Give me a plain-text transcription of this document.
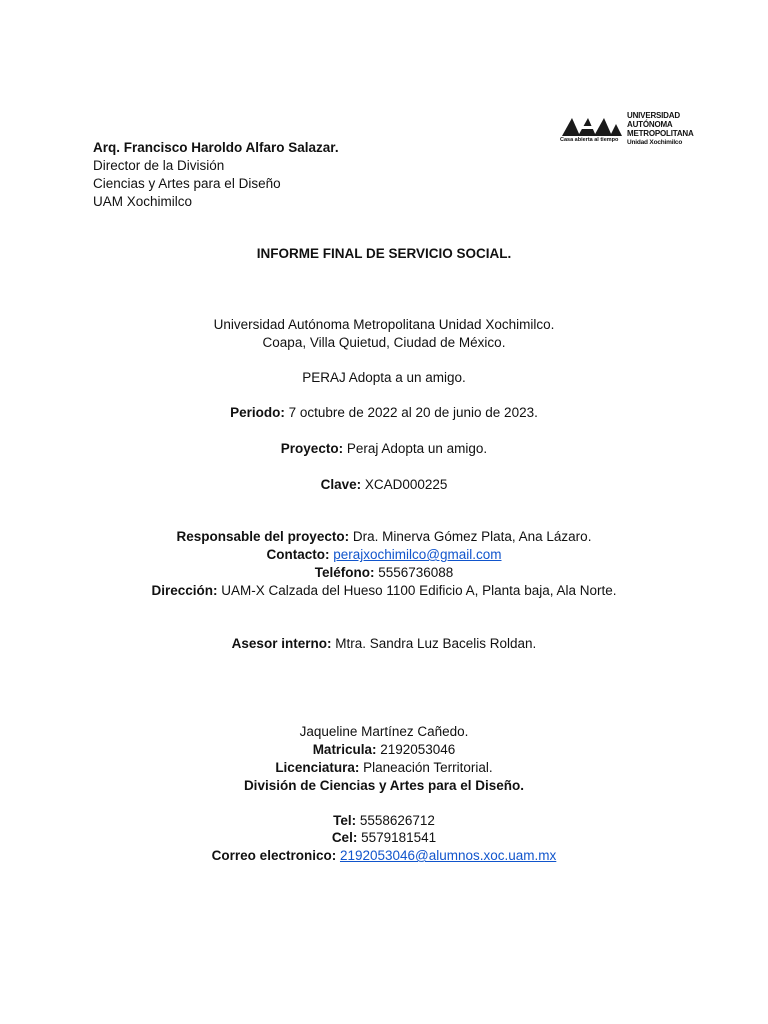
Casa abierta al tiempo
UNIVERSIDAD
AUTÓNOMA
METROPOLITANA
Unidad Xochimilco
Arq. Francisco Haroldo Alfaro Salazar.
Director de la División
Ciencias y Artes para el Diseño
UAM Xochimilco
INFORME FINAL DE SERVICIO SOCIAL.
Universidad Autónoma Metropolitana Unidad Xochimilco.
Coapa, Villa Quietud, Ciudad de México.
PERAJ Adopta a un amigo.
Periodo: 7 octubre de 2022 al 20 de junio de 2023.
Proyecto: Peraj Adopta un amigo.
Clave: XCAD000225
Responsable del proyecto: Dra. Minerva Gómez Plata, Ana Lázaro.
Contacto: perajxochimilco@gmail.com
Teléfono: 5556736088
Dirección: UAM-X Calzada del Hueso 1100 Edificio A, Planta baja, Ala Norte.
Asesor interno: Mtra. Sandra Luz Bacelis Roldan.
Jaqueline Martínez Cañedo.
Matricula: 2192053046
Licenciatura: Planeación Territorial.
División de Ciencias y Artes para el Diseño.
Tel: 5558626712
Cel: 5579181541
Correo electronico: 2192053046@alumnos.xoc.uam.mx
